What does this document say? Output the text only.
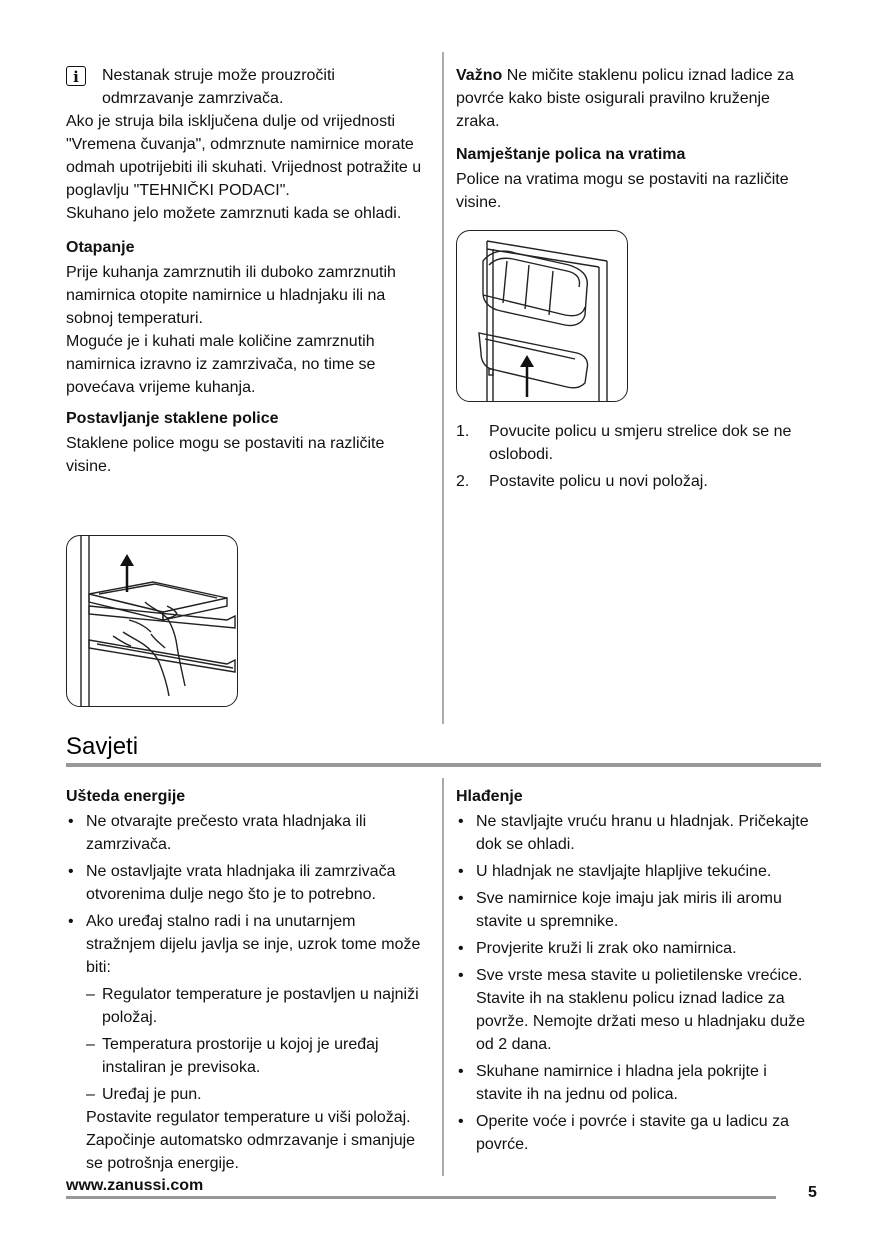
i	Nestanak struje može prouzročiti odmrzavanje zamrzivača.

Ako je struja bila isključena dulje od vrijednosti "Vremena čuvanja", odmrznute namirnice morate odmah upotrijebiti ili skuhati. Vrijednost potražite u poglavlju "TEHNIČKI PODACI".

Skuhano jelo možete zamrznuti kada se ohladi.

Otapanje

Prije kuhanja zamrznutih ili duboko zamrznutih namirnica otopite namirnice u hladnjaku ili na sobnoj temperaturi.

Moguće je i kuhati male količine zamrznutih namirnica izravno iz zamrzivača, no time se povećava vrijeme kuhanja.

Postavljanje staklene police

Staklene police mogu se postaviti na različite visine.

Važno Ne mičite staklenu policu iznad ladice za povrće kako biste osigurali pravilno kruženje zraka.

Namještanje polica na vratima

Police na vratima mogu se postaviti na različite visine.

1. Povucite policu u smjeru strelice dok se ne oslobodi.
2. Postavite policu u novi položaj.
Savjeti

Ušteda energije

• Ne otvarajte prečesto vrata hladnjaka ili zamrzivača.
• Ne ostavljajte vrata hladnjaka ili zamrzivača otvorenima dulje nego što je to potrebno.
• Ako uređaj stalno radi i na unutarnjem stražnjem dijelu javlja se inje, uzrok tome može biti:
– Regulator temperature je postavljen u najniži položaj.
– Temperatura prostorije u kojoj je uređaj instaliran je previsoka.
– Uređaj je pun.

Postavite regulator temperature u viši položaj. Započinje automatsko odmrzavanje i smanjuje se potrošnja energije.

Hlađenje

• Ne stavljajte vruću hranu u hladnjak. Pričekajte dok se ohladi.
• U hladnjak ne stavljajte hlapljive tekućine.
• Sve namirnice koje imaju jak miris ili aromu stavite u spremnike.
• Provjerite kruži li zrak oko namirnica.
• Sve vrste mesa stavite u polietilenske vrećice. Stavite ih na staklenu policu iznad ladice za povrže. Nemojte držati meso u hladnjaku duže od 2 dana.
• Skuhane namirnice i hladna jela pokrijte i stavite ih na jednu od polica.
• Operite voće i povrće i stavite ga u ladicu za povrće.
www.zanussi.com	5
